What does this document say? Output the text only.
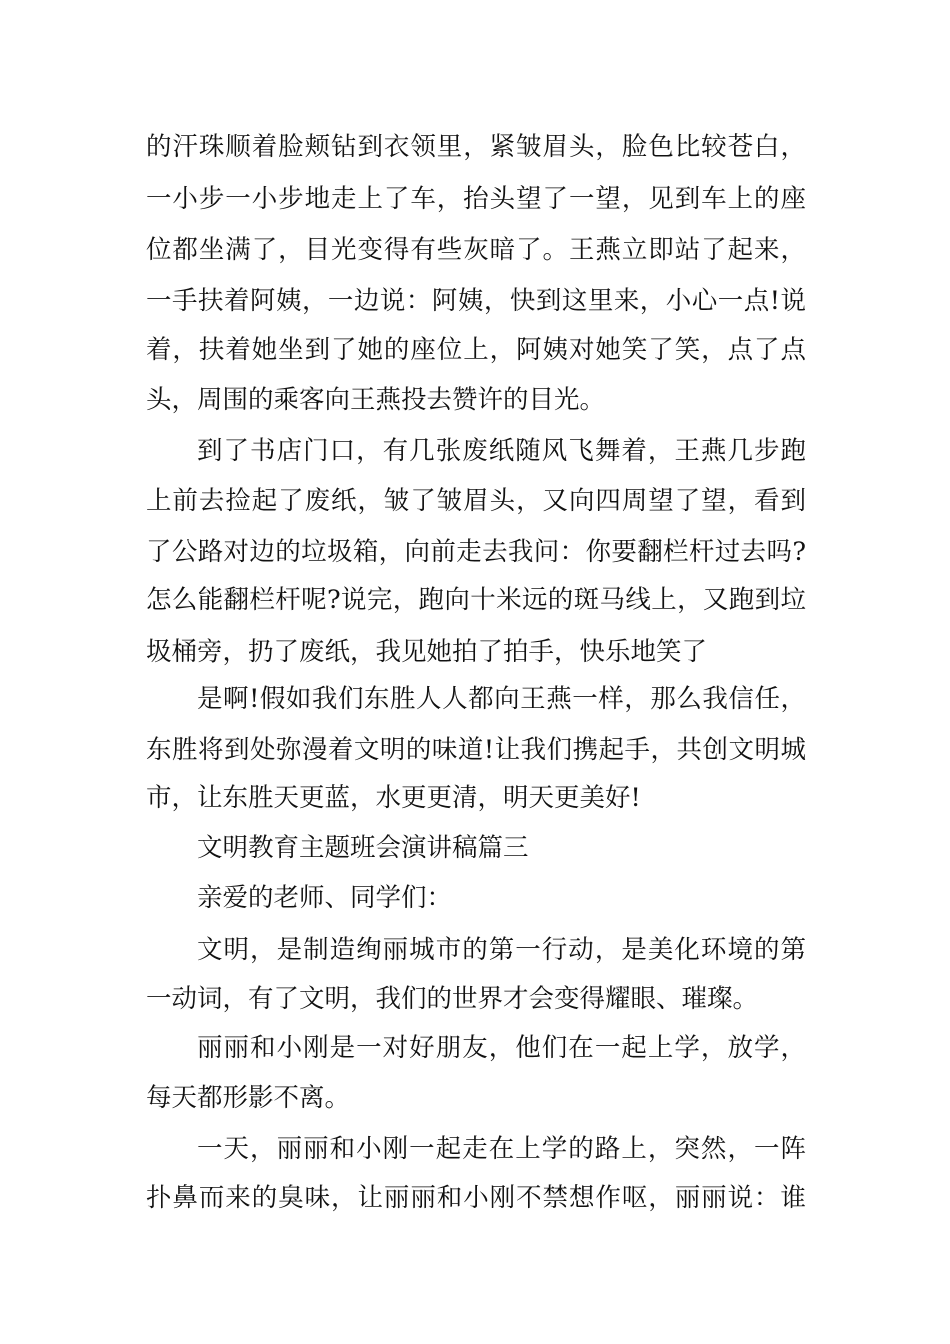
的汗珠顺着脸颊钻到衣领里，紧皱眉头，脸色比较苍白，
一小步一小步地走上了车，抬头望了一望，见到车上的座
位都坐满了，目光变得有些灰暗了。王燕立即站了起来，
一手扶着阿姨，一边说：阿姨，快到这里来，小心一点!说
着，扶着她坐到了她的座位上，阿姨对她笑了笑，点了点
头，周围的乘客向王燕投去赞许的目光。
到了书店门口，有几张废纸随风飞舞着，王燕几步跑
上前去捡起了废纸，皱了皱眉头，又向四周望了望，看到
了公路对边的垃圾箱，向前走去我问：你要翻栏杆过去吗?
怎么能翻栏杆呢?说完，跑向十米远的斑马线上，又跑到垃
圾桶旁，扔了废纸，我见她拍了拍手，快乐地笑了
是啊!假如我们东胜人人都向王燕一样，那么我信任，
东胜将到处弥漫着文明的味道!让我们携起手，共创文明城
市，让东胜天更蓝，水更更清，明天更美好!
文明教育主题班会演讲稿篇三
亲爱的老师、同学们：
文明，是制造绚丽城市的第一行动，是美化环境的第
一动词，有了文明，我们的世界才会变得耀眼、璀璨。
丽丽和小刚是一对好朋友，他们在一起上学，放学，
每天都形影不离。
一天，丽丽和小刚一起走在上学的路上，突然，一阵
扑鼻而来的臭味，让丽丽和小刚不禁想作呕，丽丽说：谁
